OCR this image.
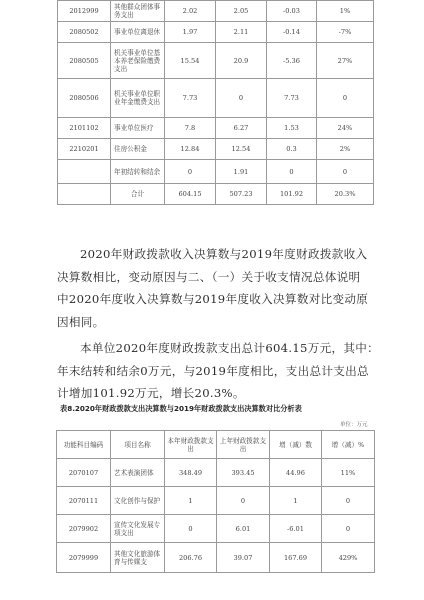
2012999	其他群众团体事务支出	2.02	2.05	-0.03	1%
2080502	事业单位离退休	1.97	2.11	-0.14	-7%
2080505	机关事业单位基本养老保险缴费支出	15.54	20.9	-5.36	27%
2080506	机关事业单位职业年金缴费支出	7.73	0	7.73	0
2101102	事业单位医疗	7.8	6.27	1.53	24%
2210201	住房公积金	12.84	12.54	0.3	2%
	年初结转和结余	0	1.91	0	0
	合计	604.15	507.23	101.92	20.3%
2020年财政拨款收入决算数与2019年度财政拨款收入
决算数相比，变动原因与二、（一）关于收支情况总体说明
中2020年度收入决算数与2019年度收入决算数对比变动原
因相同。
本单位2020年度财政拨款支出总计604.15万元，其中：
年末结转和结余0万元，与2019年度相比，支出总计支出总
计增加101.92万元，增长20.3%。
表8.2020年财政拨款支出决算数与2019年财政拨款支出决算数对比分析表
单位：万元
功能科目编码	项目名称	本年财政拨款支出	上年财政拨款支出	增（减）数	增（减）%
2070107	艺术表演团体	348.49	393.45	44.96	11%
2070111	文化创作与保护	1	0	1	0
2079902	宣传文化发展专项支出	0	6.01	-6.01	0
2079999	其他文化旅游体育与传媒支	206.76	39.07	167.69	429%
